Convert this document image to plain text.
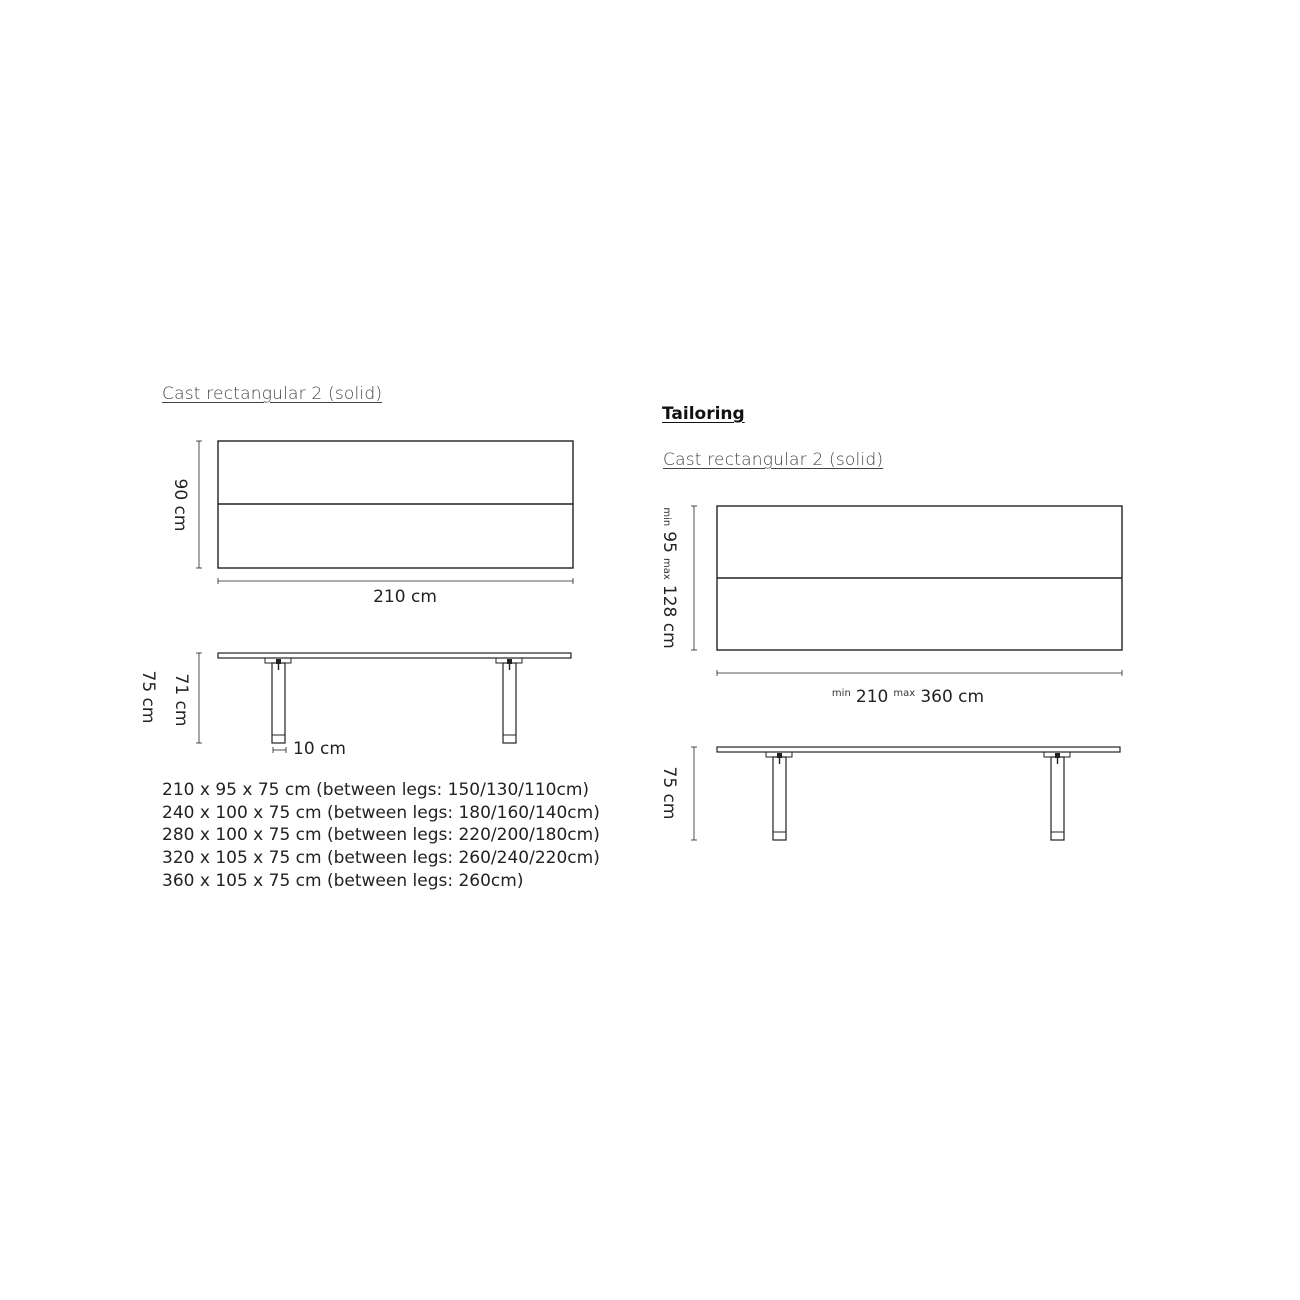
Cast rectangular 2 (solid)
90 cm
210 cm
75 cm 71 cm
10 cm
210 x 95 x 75 cm (between legs: 150/130/110cm)
240 x 100 x 75 cm (between legs: 180/160/140cm)
280 x 100 x 75 cm (between legs: 220/200/180cm)
320 x 105 x 75 cm (between legs: 260/240/220cm)
360 x 105 x 75 cm (between legs: 260cm)
Tailoring
Cast rectangular 2 (solid)
min 95 max 128 cm
$^{min}$ 210 $^{max}$ 360 cm
75 cm
